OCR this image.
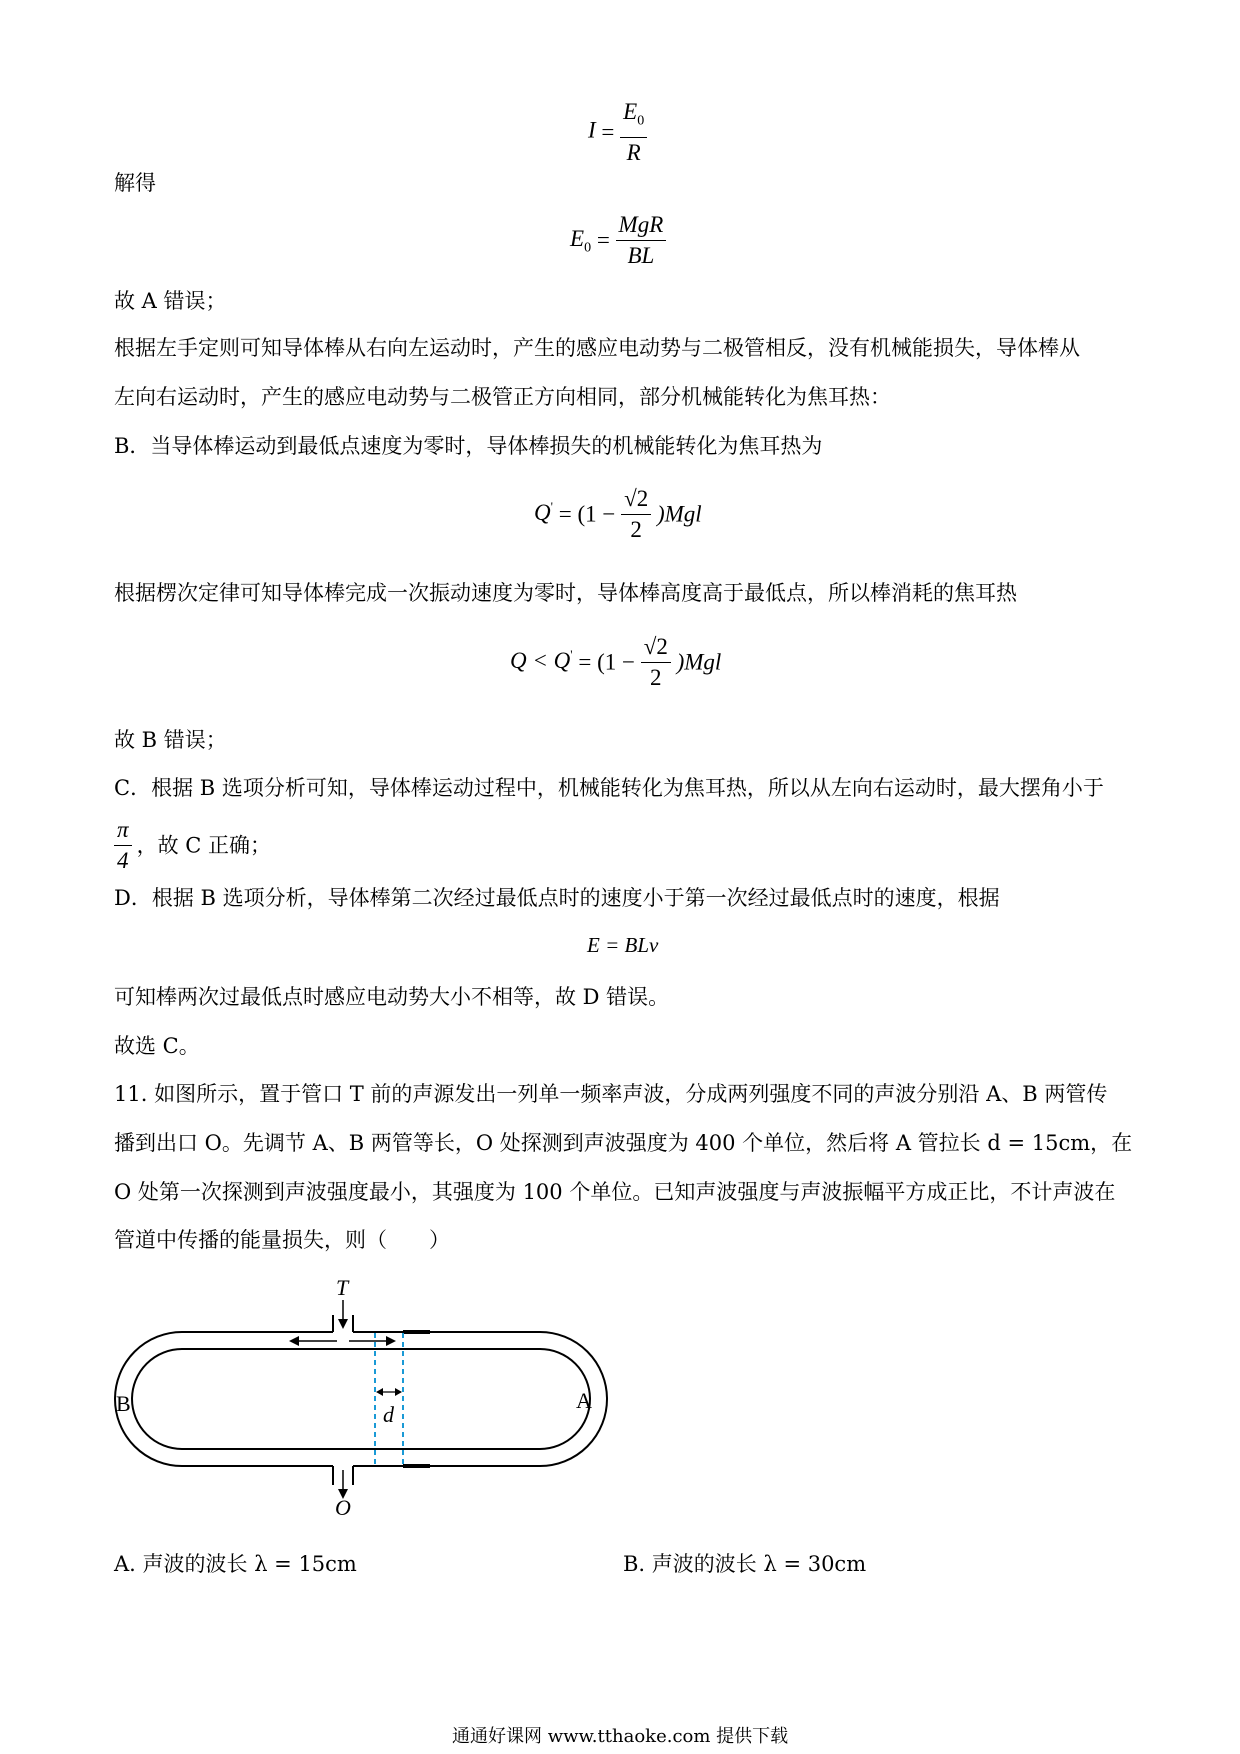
$I = \frac{E_0}{R}$
解得
$E_0 = \frac{\text{MgR}}{BL}$
故 A 错误；
根据左手定则可知导体棒从右向左运动时，产生的感应电动势与二极管相反，没有机械能损失，导体棒从
左向右运动时，产生的感应电动势与二极管正方向相同，部分机械能转化为焦耳热：
B．当导体棒运动到最低点速度为零时，导体棒损失的机械能转化为焦耳热为
$Q' = (1 - \frac{√2}{2} )Mgl$
根据楞次定律可知导体棒完成一次振动速度为零时，导体棒高度高于最低点，所以棒消耗的焦耳热
$Q < Q' = (1 - \frac{√2}{2} )Mgl$
故 B 错误；
C．根据 B 选项分析可知，导体棒运动过程中，机械能转化为焦耳热，所以从左向右运动时，最大摆角小于
$\frac{\pi}{4}$ ，故 C 正确；
D．根据 B 选项分析，导体棒第二次经过最低点时的速度小于第一次经过最低点时的速度，根据
E = BLv
可知棒两次过最低点时感应电动势大小不相等，故 D 错误。
故选 C。
11. 如图所示，置于管口 T 前的声源发出一列单一频率声波，分成两列强度不同的声波分别沿 A、B 两管传
播到出口 O。先调节 A、B 两管等长，O 处探测到声波强度为 400 个单位，然后将 A 管拉长 d = 15cm，在
O 处第一次探测到声波强度最小，其强度为 100 个单位。已知声波强度与声波振幅平方成正比，不计声波在
管道中传播的能量损失，则（　　）
T
O
A
B	d
A. 声波的波长 λ = 15cm	B. 声波的波长 λ = 30cm
通通好课网 www.tthaoke.com 提供下载
